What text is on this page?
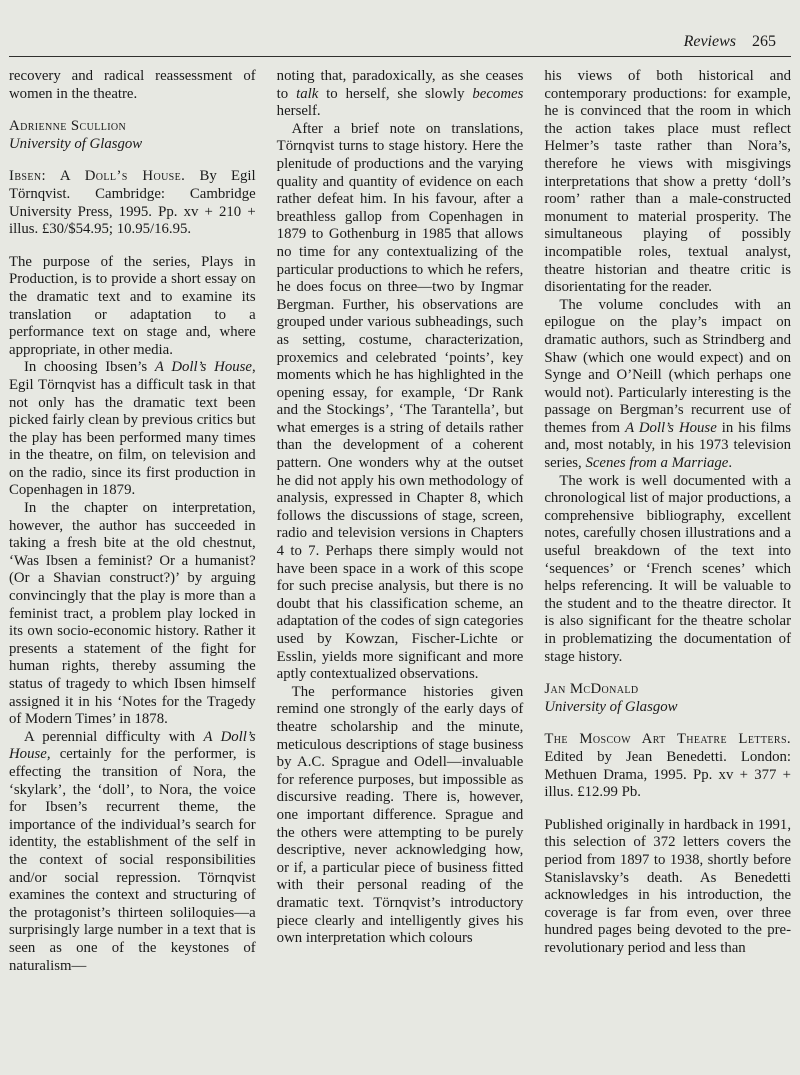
Reviews 265

recovery and radical reassessment of women in the theatre.

Adrienne Scullion

University of Glasgow

Ibsen: A Doll’s House. By Egil Törnqvist. Cambridge: Cambridge University Press, 1995. Pp. xv + 210 + illus. £30/$54.95; 10.95/16.95.

The purpose of the series, Plays in Production, is to provide a short essay on the dramatic text and to examine its translation or adaptation to a performance text on stage and, where appropriate, in other media.

In choosing Ibsen’s A Doll’s House, Egil Törnqvist has a difficult task in that not only has the dramatic text been picked fairly clean by previous critics but the play has been performed many times in the theatre, on film, on television and on the radio, since its first production in Copenhagen in 1879.

In the chapter on interpretation, however, the author has succeeded in taking a fresh bite at the old chestnut, ‘Was Ibsen a feminist? Or a humanist? (Or a Shavian construct?)’ by arguing convincingly that the play is more than a feminist tract, a problem play locked in its own socio-economic history. Rather it presents a statement of the fight for human rights, thereby assuming the status of tragedy to which Ibsen himself assigned it in his ‘Notes for the Tragedy of Modern Times’ in 1878.

A perennial difficulty with A Doll’s House, certainly for the performer, is effecting the transition of Nora, the ‘skylark’, the ‘doll’, to Nora, the voice for Ibsen’s recurrent theme, the importance of the individual’s search for identity, the establishment of the self in the context of social responsibilities and/or social repression. Törnqvist examines the context and structuring of the protagonist’s thirteen soliloquies—a surprisingly large number in a text that is seen as one of the keystones of naturalism—

noting that, paradoxically, as she ceases to talk to herself, she slowly becomes herself.

After a brief note on translations, Törnqvist turns to stage history. Here the plenitude of productions and the varying quality and quantity of evidence on each rather defeat him. In his favour, after a breathless gallop from Copenhagen in 1879 to Gothenburg in 1985 that allows no time for any contextualizing of the particular productions to which he refers, he does focus on three—two by Ingmar Bergman. Further, his observations are grouped under various subheadings, such as setting, costume, characterization, proxemics and celebrated ‘points’, key moments which he has highlighted in the opening essay, for example, ‘Dr Rank and the Stockings’, ‘The Tarantella’, but what emerges is a string of details rather than the development of a coherent pattern. One wonders why at the outset he did not apply his own methodology of analysis, expressed in Chapter 8, which follows the discussions of stage, screen, radio and television versions in Chapters 4 to 7. Perhaps there simply would not have been space in a work of this scope for such precise analysis, but there is no doubt that his classification scheme, an adaptation of the codes of sign categories used by Kowzan, Fischer-Lichte or Esslin, yields more significant and more aptly contextualized observations.

The performance histories given remind one strongly of the early days of theatre scholarship and the minute, meticulous descriptions of stage business by A.C. Sprague and Odell—invaluable for reference purposes, but impossible as discursive reading. There is, however, one important difference. Sprague and the others were attempting to be purely descriptive, never acknowledging how, or if, a particular piece of business fitted with their personal reading of the dramatic text. Törnqvist’s introductory piece clearly and intelligently gives his own interpretation which colours

his views of both historical and contemporary productions: for example, he is convinced that the room in which the action takes place must reflect Helmer’s taste rather than Nora’s, therefore he views with misgivings interpretations that show a pretty ‘doll’s room’ rather than a male-constructed monument to material prosperity. The simultaneous playing of possibly incompatible roles, textual analyst, theatre historian and theatre critic is disorientating for the reader.

The volume concludes with an epilogue on the play’s impact on dramatic authors, such as Strindberg and Shaw (which one would expect) and on Synge and O’Neill (which perhaps one would not). Particularly interesting is the passage on Bergman’s recurrent use of themes from A Doll’s House in his films and, most notably, in his 1973 television series, Scenes from a Marriage.

The work is well documented with a chronological list of major productions, a comprehensive bibliography, excellent notes, carefully chosen illustrations and a useful breakdown of the text into ‘sequences’ or ‘French scenes’ which helps referencing. It will be valuable to the student and to the theatre director. It is also significant for the theatre scholar in problematizing the documentation of stage history.

Jan McDonald

University of Glasgow

The Moscow Art Theatre Letters. Edited by Jean Benedetti. London: Methuen Drama, 1995. Pp. xv + 377 + illus. £12.99 Pb.

Published originally in hardback in 1991, this selection of 372 letters covers the period from 1897 to 1938, shortly before Stanislavsky’s death. As Benedetti acknowledges in his introduction, the coverage is far from even, over three hundred pages being devoted to the pre-revolutionary period and less than
